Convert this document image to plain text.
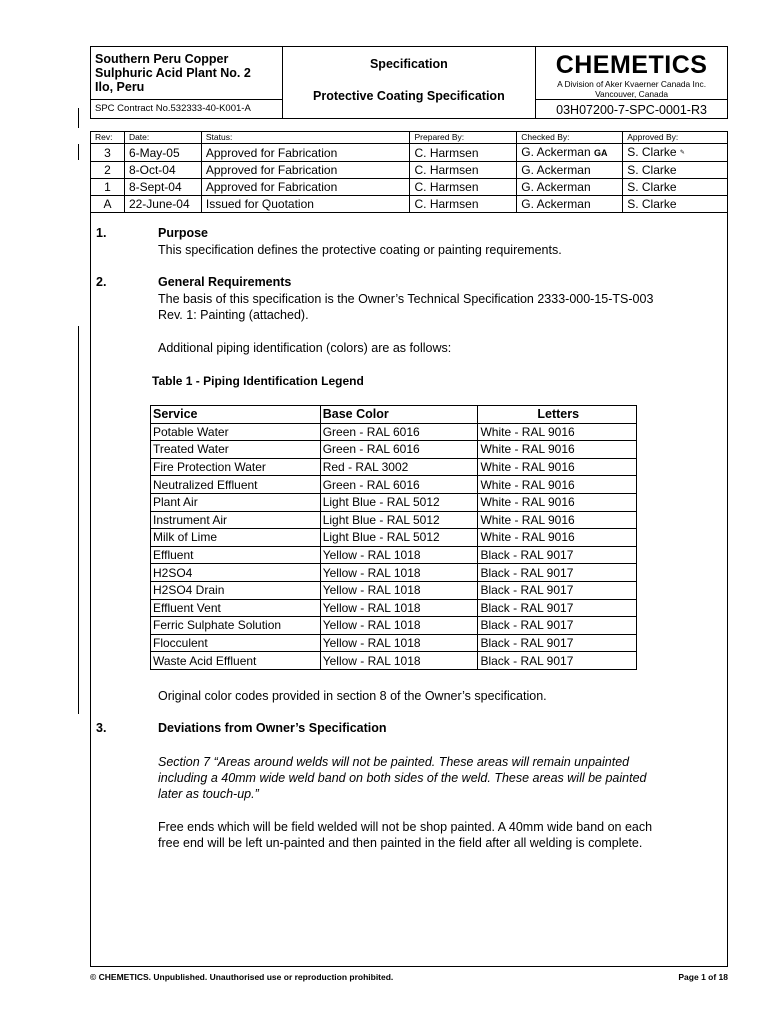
Southern Peru Copper
Sulphuric Acid Plant No. 2
Ilo, Peru	Specification
Protective Coating Specification	CHEMETICS
A Division of Aker Kvaerner Canada Inc.
Vancouver, Canada

SPC Contract No.532333-40-K001-A		03H07200-7-SPC-0001-R3
Rev:	Date:	Status:	Prepared By:	Checked By:	Approved By:
3	6-May-05	Approved for Fabrication	C. Harmsen	G. Ackerman GA	S. Clarke ✎
2	8-Oct-04	Approved for Fabrication	C. Harmsen	G. Ackerman	S. Clarke
1	8-Sept-04	Approved for Fabrication	C. Harmsen	G. Ackerman	S. Clarke
A	22-June-04	Issued for Quotation	C. Harmsen	G. Ackerman	S. Clarke
1.	Purpose
This specification defines the protective coating or painting requirements.
2.	General Requirements
The basis of this specification is the Owner’s Technical Specification 2333-000-15-TS-003
Rev. 1: Painting (attached).
Additional piping identification (colors) are as follows:
Table 1 - Piping Identification Legend
Service	Base Color	Letters
Potable Water	Green - RAL 6016	White - RAL 9016
Treated Water	Green - RAL 6016	White - RAL 9016
Fire Protection Water	Red - RAL 3002	White - RAL 9016
Neutralized Effluent	Green - RAL 6016	White - RAL 9016
Plant Air	Light Blue - RAL 5012	White - RAL 9016
Instrument Air	Light Blue - RAL 5012	White - RAL 9016
Milk of Lime	Light Blue - RAL 5012	White - RAL 9016
Effluent	Yellow - RAL 1018	Black - RAL 9017
H2SO4	Yellow - RAL 1018	Black - RAL 9017
H2SO4 Drain	Yellow - RAL 1018	Black - RAL 9017
Effluent Vent	Yellow - RAL 1018	Black - RAL 9017
Ferric Sulphate Solution	Yellow - RAL 1018	Black - RAL 9017
Flocculent	Yellow - RAL 1018	Black - RAL 9017
Waste Acid Effluent	Yellow - RAL 1018	Black - RAL 9017
Original color codes provided in section 8 of the Owner’s specification.
3.	Deviations from Owner’s Specification
Section 7 “Areas around welds will not be painted. These areas will remain unpainted
including a 40mm wide weld band on both sides of the weld. These areas will be painted
later as touch-up.”
Free ends which will be field welded will not be shop painted. A 40mm wide band on each
free end will be left un-painted and then painted in the field after all welding is complete.
© CHEMETICS. Unpublished. Unauthorised use or reproduction prohibited.	Page 1 of 18
